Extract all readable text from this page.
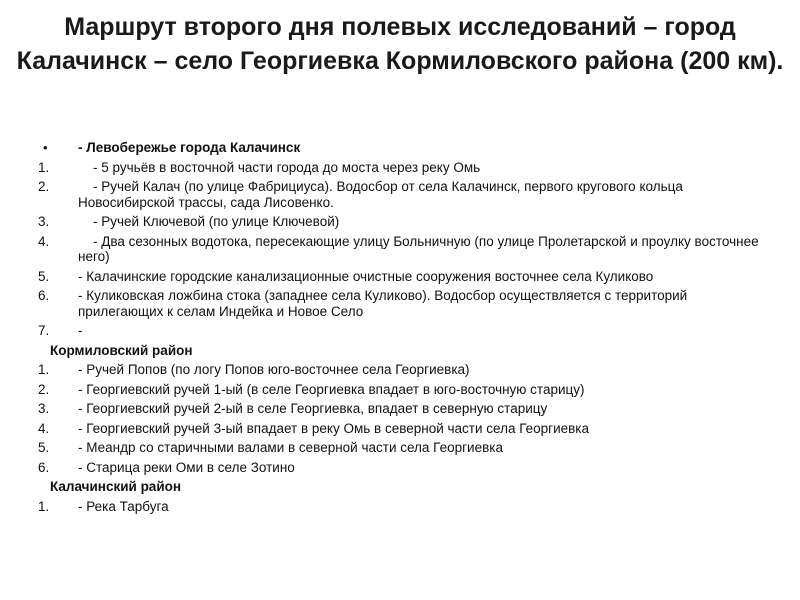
Маршрут второго дня полевых исследований – город Калачинск – село Георгиевка Кормиловского района (200 км).
• - Левобережье города Калачинск
1. - 5 ручьёв в восточной части города до моста через реку Омь
2. - Ручей Калач (по улице Фабрициуса). Водосбор от села Калачинск, первого кругового кольца Новосибирской трассы, сада Лисовенко.
3. - Ручей Ключевой (по улице Ключевой)
4. - Два сезонных водотока, пересекающие улицу Больничную (по улице Пролетарской и проулку восточнее него)
5. - Калачинские городские канализационные очистные сооружения восточнее села Куликово
6. - Куликовская ложбина стока (западнее села Куликово). Водосбор осуществляется с территорий прилегающих к селам Индейка и Новое Село
7. -
Кормиловский район
1. - Ручей Попов (по логу Попов юго-восточнее села Георгиевка)
2. - Георгиевский ручей 1-ый (в селе Георгиевка впадает в юго-восточную старицу)
3. - Георгиевский ручей 2-ый в селе Георгиевка, впадает в северную старицу
4. - Георгиевский ручей 3-ый впадает в реку Омь в северной части села Георгиевка
5. - Меандр со старичными валами в северной части села Георгиевка
6. - Старица реки Оми в селе Зотино
Калачинский район
1. - Река Тарбуга
